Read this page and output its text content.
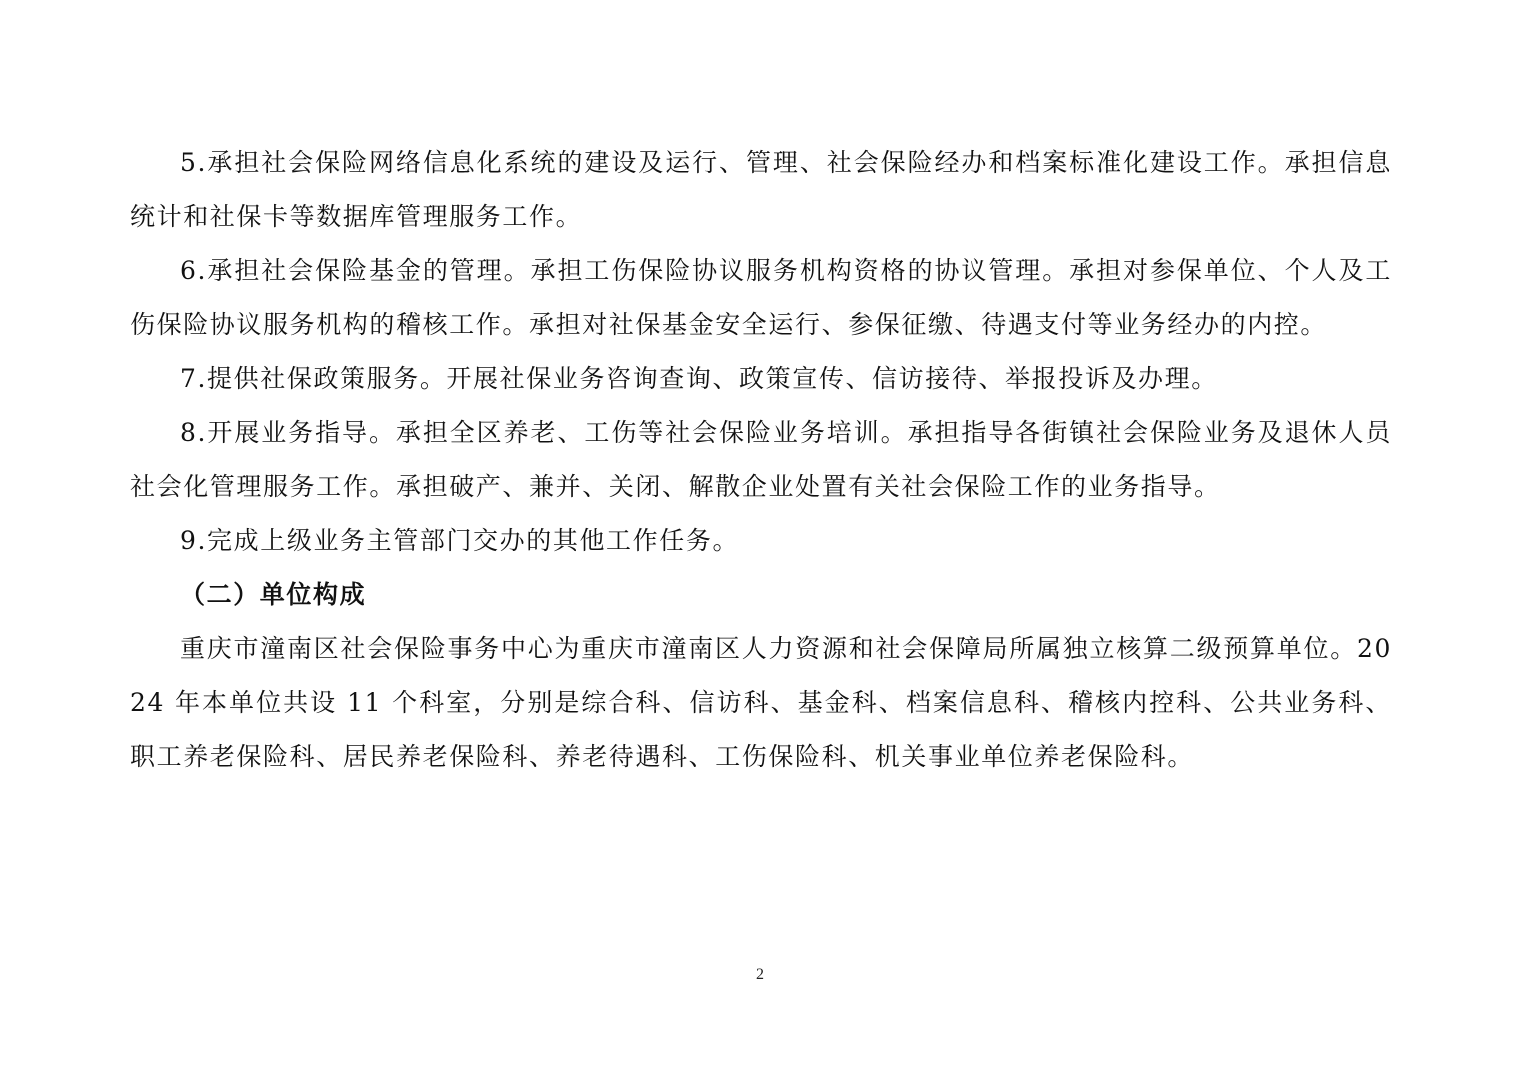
5.承担社会保险网络信息化系统的建设及运行、管理、社会保险经办和档案标准化建设工作。承担信息统计和社保卡等数据库管理服务工作。

6.承担社会保险基金的管理。承担工伤保险协议服务机构资格的协议管理。承担对参保单位、个人及工伤保险协议服务机构的稽核工作。承担对社保基金安全运行、参保征缴、待遇支付等业务经办的内控。

7.提供社保政策服务。开展社保业务咨询查询、政策宣传、信访接待、举报投诉及办理。

8.开展业务指导。承担全区养老、工伤等社会保险业务培训。承担指导各街镇社会保险业务及退休人员社会化管理服务工作。承担破产、兼并、关闭、解散企业处置有关社会保险工作的业务指导。

9.完成上级业务主管部门交办的其他工作任务。

（二）单位构成

重庆市潼南区社会保险事务中心为重庆市潼南区人力资源和社会保障局所属独立核算二级预算单位。2024 年本单位共设 11 个科室，分别是综合科、信访科、基金科、档案信息科、稽核内控科、公共业务科、职工养老保险科、居民养老保险科、养老待遇科、工伤保险科、机关事业单位养老保险科。

2
